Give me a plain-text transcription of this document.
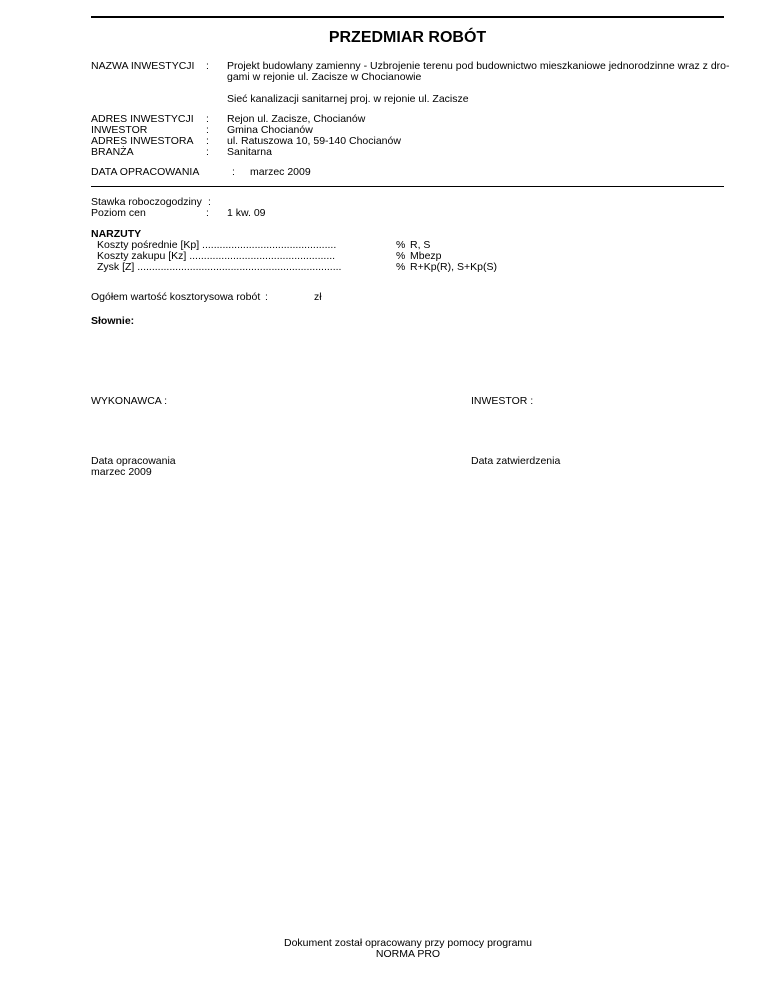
PRZEDMIAR ROBÓT
NAZWA INWESTYCJI : Projekt budowlany zamienny - Uzbrojenie terenu pod budownictwo mieszkaniowe jednorodzinne wraz z dro-
gami w rejonie ul. Zacisze w Chocianowie
Sieć kanalizacji sanitarnej proj. w rejonie ul. Zacisze
ADRES INWESTYCJI : Rejon ul. Zacisze, Chocianów
INWESTOR	: Gmina Chocianów
ADRES INWESTORA : ul. Ratuszowa 10, 59-140 Chocianów
BRANŻA	: Sanitarna
DATA OPRACOWANIA	: marzec 2009
Stawka roboczogodziny :
Poziom cen	: 1 kw. 09
NARZUTY
Koszty pośrednie [Kp] ..............................................	% R, S
Koszty zakupu [Kz] ..................................................	% Mbezp
Zysk [Z] ......................................................................	% R+Kp(R), S+Kp(S)
Ogółem wartość kosztorysowa robót :	zł
Słownie:
WYKONAWCA :	INWESTOR :
Data opracowania
marzec 2009
Data zatwierdzenia
Dokument został opracowany przy pomocy programu
NORMA PRO
